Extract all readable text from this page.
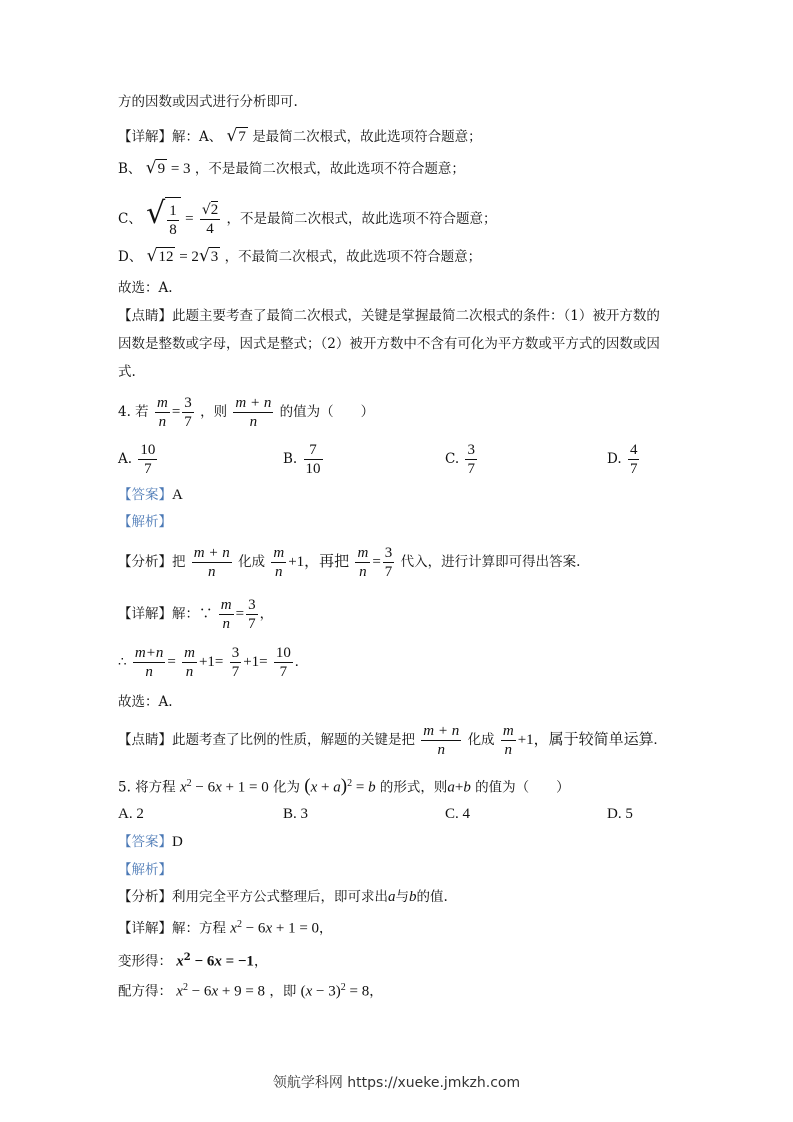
方的因数或因式进行分析即可.
【详解】解：A、 √7 是最简二次根式，故此选项符合题意；
B、 √9 = 3 ，不是最简二次根式，故此选项不符合题意；
C、 √ $\frac{1}{8} = \frac{√2}{4}$ ，不是最简二次根式，故此选项不符合题意；
D、 √12 = 2√3 ，不最简二次根式，故此选项不符合题意；
故选：A.
【点睛】此题主要考查了最简二次根式，关键是掌握最简二次根式的条件：（1）被开方数的
因数是整数或字母，因式是整式；（2）被开方数中不含有可化为平方数或平方式的因数或因
式.
4. 若 $\frac{m}{n} = \frac{3}{7}$ ，则 $\frac{m + n}{n}$ 的值为（　　）
A. $\frac{10}{7}$	B. $\frac{7}{10}$	C. $\frac{3}{7}$	D. $\frac{4}{7}$
【答案】A
【解析】
【分析】把 $\frac{m + n}{n}$ 化成 $\frac{m}{n} +1$，再把 $\frac{m}{n} = \frac{3}{7}$ 代入，进行计算即可得出答案.
【详解】解：∵ $\frac{m}{n} = \frac{3}{7}$ ，
∴ $\frac{m+n}{n} = \frac{m}{n} +1= \frac{3}{7} +1= \frac{10}{7}$ .
故选：A.
【点睛】此题考查了比例的性质，解题的关键是把 $\frac{m + n}{n}$ 化成 $\frac{m}{n} +1$，属于较简单运算.
5. 将方程 $x^2 - 6x + 1 = 0$ 化为 $(x + a)^2 = b$ 的形式，则a+b 的值为（　　）
A. 2	B. 3	C. 4	D. 5
【答案】D
【解析】
【分析】利用完全平方公式整理后，即可求出a与b的值.
【详解】解：方程 $x^2 - 6x + 1 = 0$，
变形得： $x^2 - 6x = -1$，
配方得： $x^2 - 6x + 9 = 8$ ，即 $(x - 3)^2 = 8$，
领航学科网 https://xueke.jmkzh.com
